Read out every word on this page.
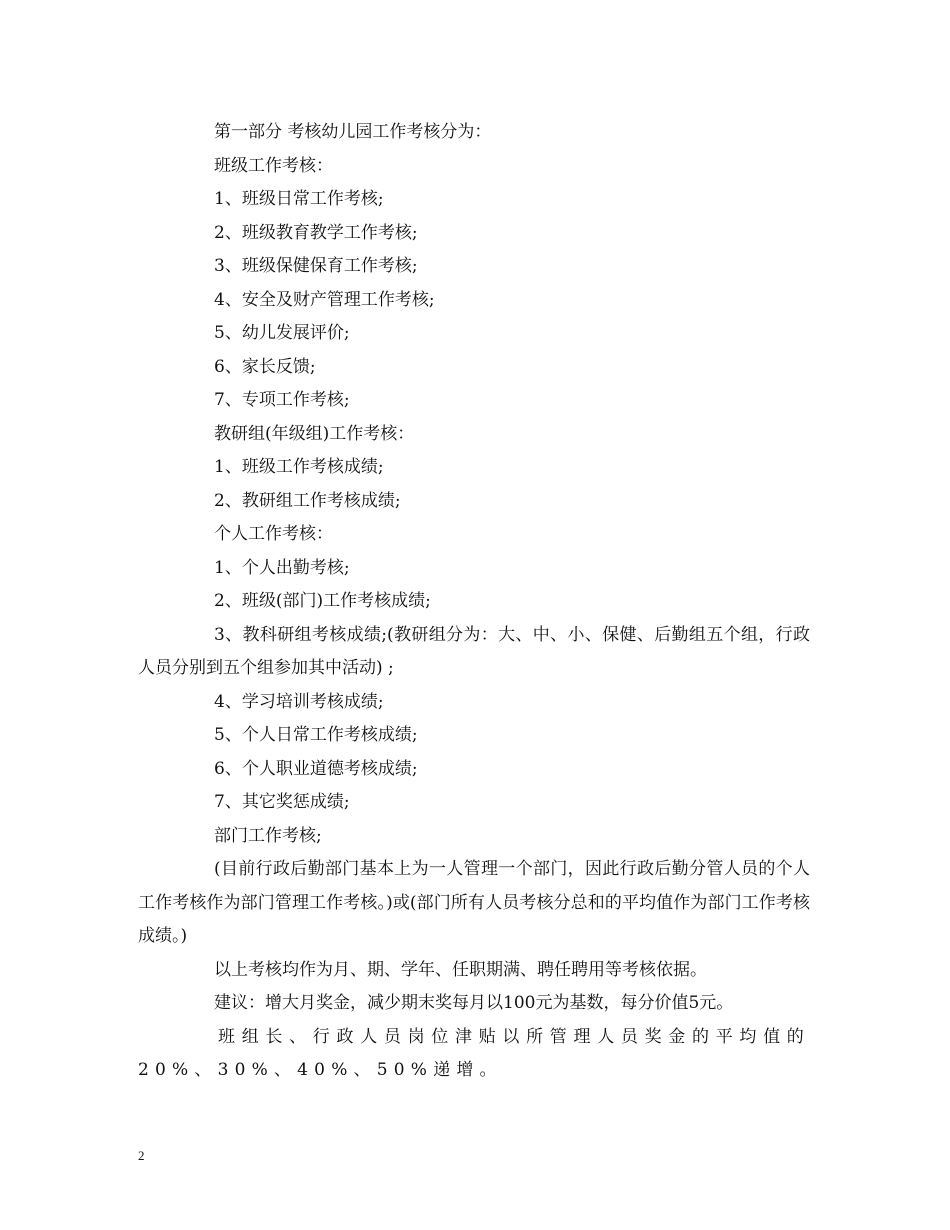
第一部分 考核幼儿园工作考核分为：
班级工作考核：
1、班级日常工作考核;
2、班级教育教学工作考核;
3、班级保健保育工作考核;
4、安全及财产管理工作考核;
5、幼儿发展评价;
6、家长反馈;
7、专项工作考核;
教研组(年级组)工作考核：
1、班级工作考核成绩;
2、教研组工作考核成绩;
个人工作考核：
1、个人出勤考核;
2、班级(部门)工作考核成绩;
3、教科研组考核成绩;(教研组分为：大、中、小、保健、后勤组五个组，行政人员分别到五个组参加其中活动) ;
4、学习培训考核成绩;
5、个人日常工作考核成绩;
6、个人职业道德考核成绩;
7、其它奖惩成绩;
部门工作考核;
(目前行政后勤部门基本上为一人管理一个部门，因此行政后勤分管人员的个人工作考核作为部门管理工作考核。)或(部门所有人员考核分总和的平均值作为部门工作考核成绩。)
以上考核均作为月、期、学年、任职期满、聘任聘用等考核依据。
建议：增大月奖金，减少期末奖每月以100元为基数，每分价值5元。
班组长、行政人员岗位津贴以所管理人员奖金的平均值的20%、30%、40%、50%递增。
2
